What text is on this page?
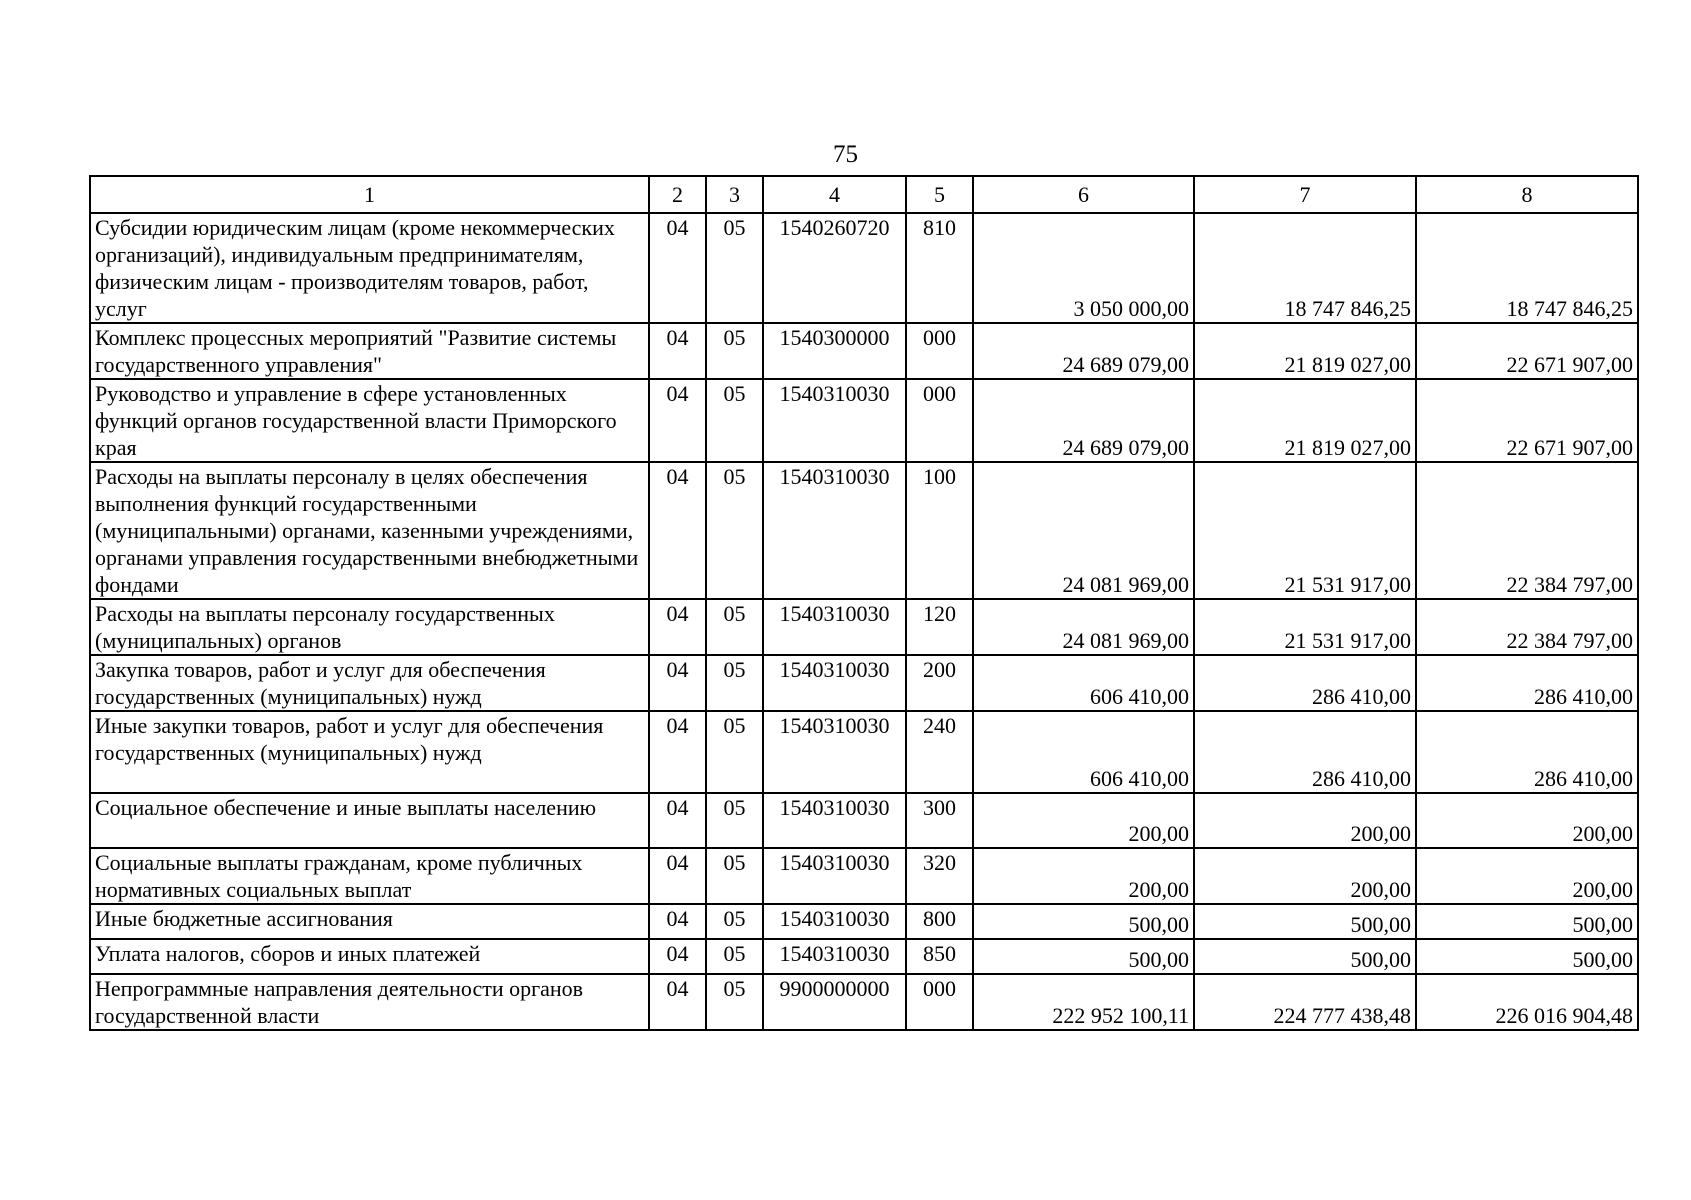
75
1	2	3	4	5	6	7	8
Субсидии юридическим лицам (кроме некоммерческих организаций), индивидуальным предпринимателям, физическим лицам - производителям товаров, работ, услуг	04	05	1540260720	810	3 050 000,00	18 747 846,25	18 747 846,25
Комплекс процессных мероприятий "Развитие системы государственного управления"	04	05	1540300000	000	24 689 079,00	21 819 027,00	22 671 907,00
Руководство и управление в сфере установленных функций органов государственной власти Приморского края	04	05	1540310030	000	24 689 079,00	21 819 027,00	22 671 907,00
Расходы на выплаты персоналу в целях обеспечения выполнения функций государственными (муниципальными) органами, казенными учреждениями, органами управления государственными внебюджетными фондами	04	05	1540310030	100	24 081 969,00	21 531 917,00	22 384 797,00
Расходы на выплаты персоналу государственных (муниципальных) органов	04	05	1540310030	120	24 081 969,00	21 531 917,00	22 384 797,00
Закупка товаров, работ и услуг для обеспечения государственных (муниципальных) нужд	04	05	1540310030	200	606 410,00	286 410,00	286 410,00
Иные закупки товаров, работ и услуг для обеспечения государственных (муниципальных) нужд	04	05	1540310030	240	606 410,00	286 410,00	286 410,00
Социальное обеспечение и иные выплаты населению	04	05	1540310030	300	200,00	200,00	200,00
Социальные выплаты гражданам, кроме публичных нормативных социальных выплат	04	05	1540310030	320	200,00	200,00	200,00
Иные бюджетные ассигнования	04	05	1540310030	800	500,00	500,00	500,00
Уплата налогов, сборов и иных платежей	04	05	1540310030	850	500,00	500,00	500,00
Непрограммные направления деятельности органов государственной власти	04	05	9900000000	000	222 952 100,11	224 777 438,48	226 016 904,48
